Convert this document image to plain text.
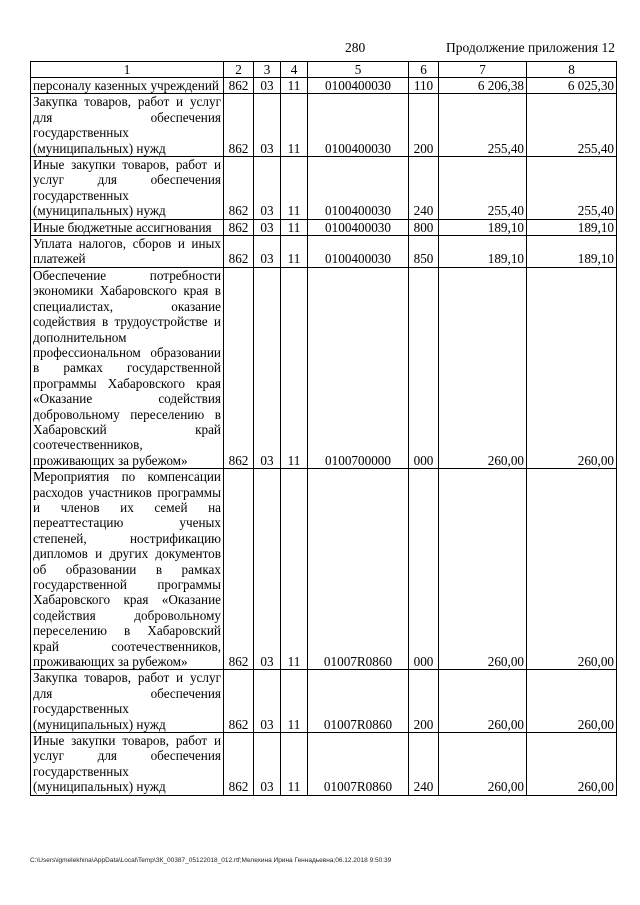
280	Продолжение приложения 12
1	2	3	4	5	6	7	8
персоналу казенных учреждений	862	03	11	0100400030	110	6 206,38	6 025,30
Закупка товаров, работ и услуг для обеспечения государственных (муниципальных) нужд	862	03	11	0100400030	200	255,40	255,40
Иные закупки товаров, работ и услуг для обеспечения государственных (муниципальных) нужд	862	03	11	0100400030	240	255,40	255,40
Иные бюджетные ассигнования	862	03	11	0100400030	800	189,10	189,10
Уплата налогов, сборов и иных платежей	862	03	11	0100400030	850	189,10	189,10
Обеспечение потребности экономики Хабаровского края в специалистах, оказание содействия в трудоустройстве и дополнительном профессиональном образовании в рамках государственной программы Хабаровского края «Оказание содействия добровольному переселению в Хабаровский край соотечественников, проживающих за рубежом»	862	03	11	0100700000	000	260,00	260,00
Мероприятия по компенсации расходов участников программы и членов их семей на переаттестацию ученых степеней, нострификацию дипломов и других документов об образовании в рамках государственной программы Хабаровского края «Оказание содействия добровольному переселению в Хабаровский край соотечественников, проживающих за рубежом»	862	03	11	01007R0860	000	260,00	260,00
Закупка товаров, работ и услуг для обеспечения государственных (муниципальных) нужд	862	03	11	01007R0860	200	260,00	260,00
Иные закупки товаров, работ и услуг для обеспечения государственных (муниципальных) нужд	862	03	11	01007R0860	240	260,00	260,00
C:\Users\igmelekhina\AppData\Local\Temp\ЗК_00387_05122018_012.rtf;Мелехина Ирина Геннадьевна;06.12.2018 9:50:39
